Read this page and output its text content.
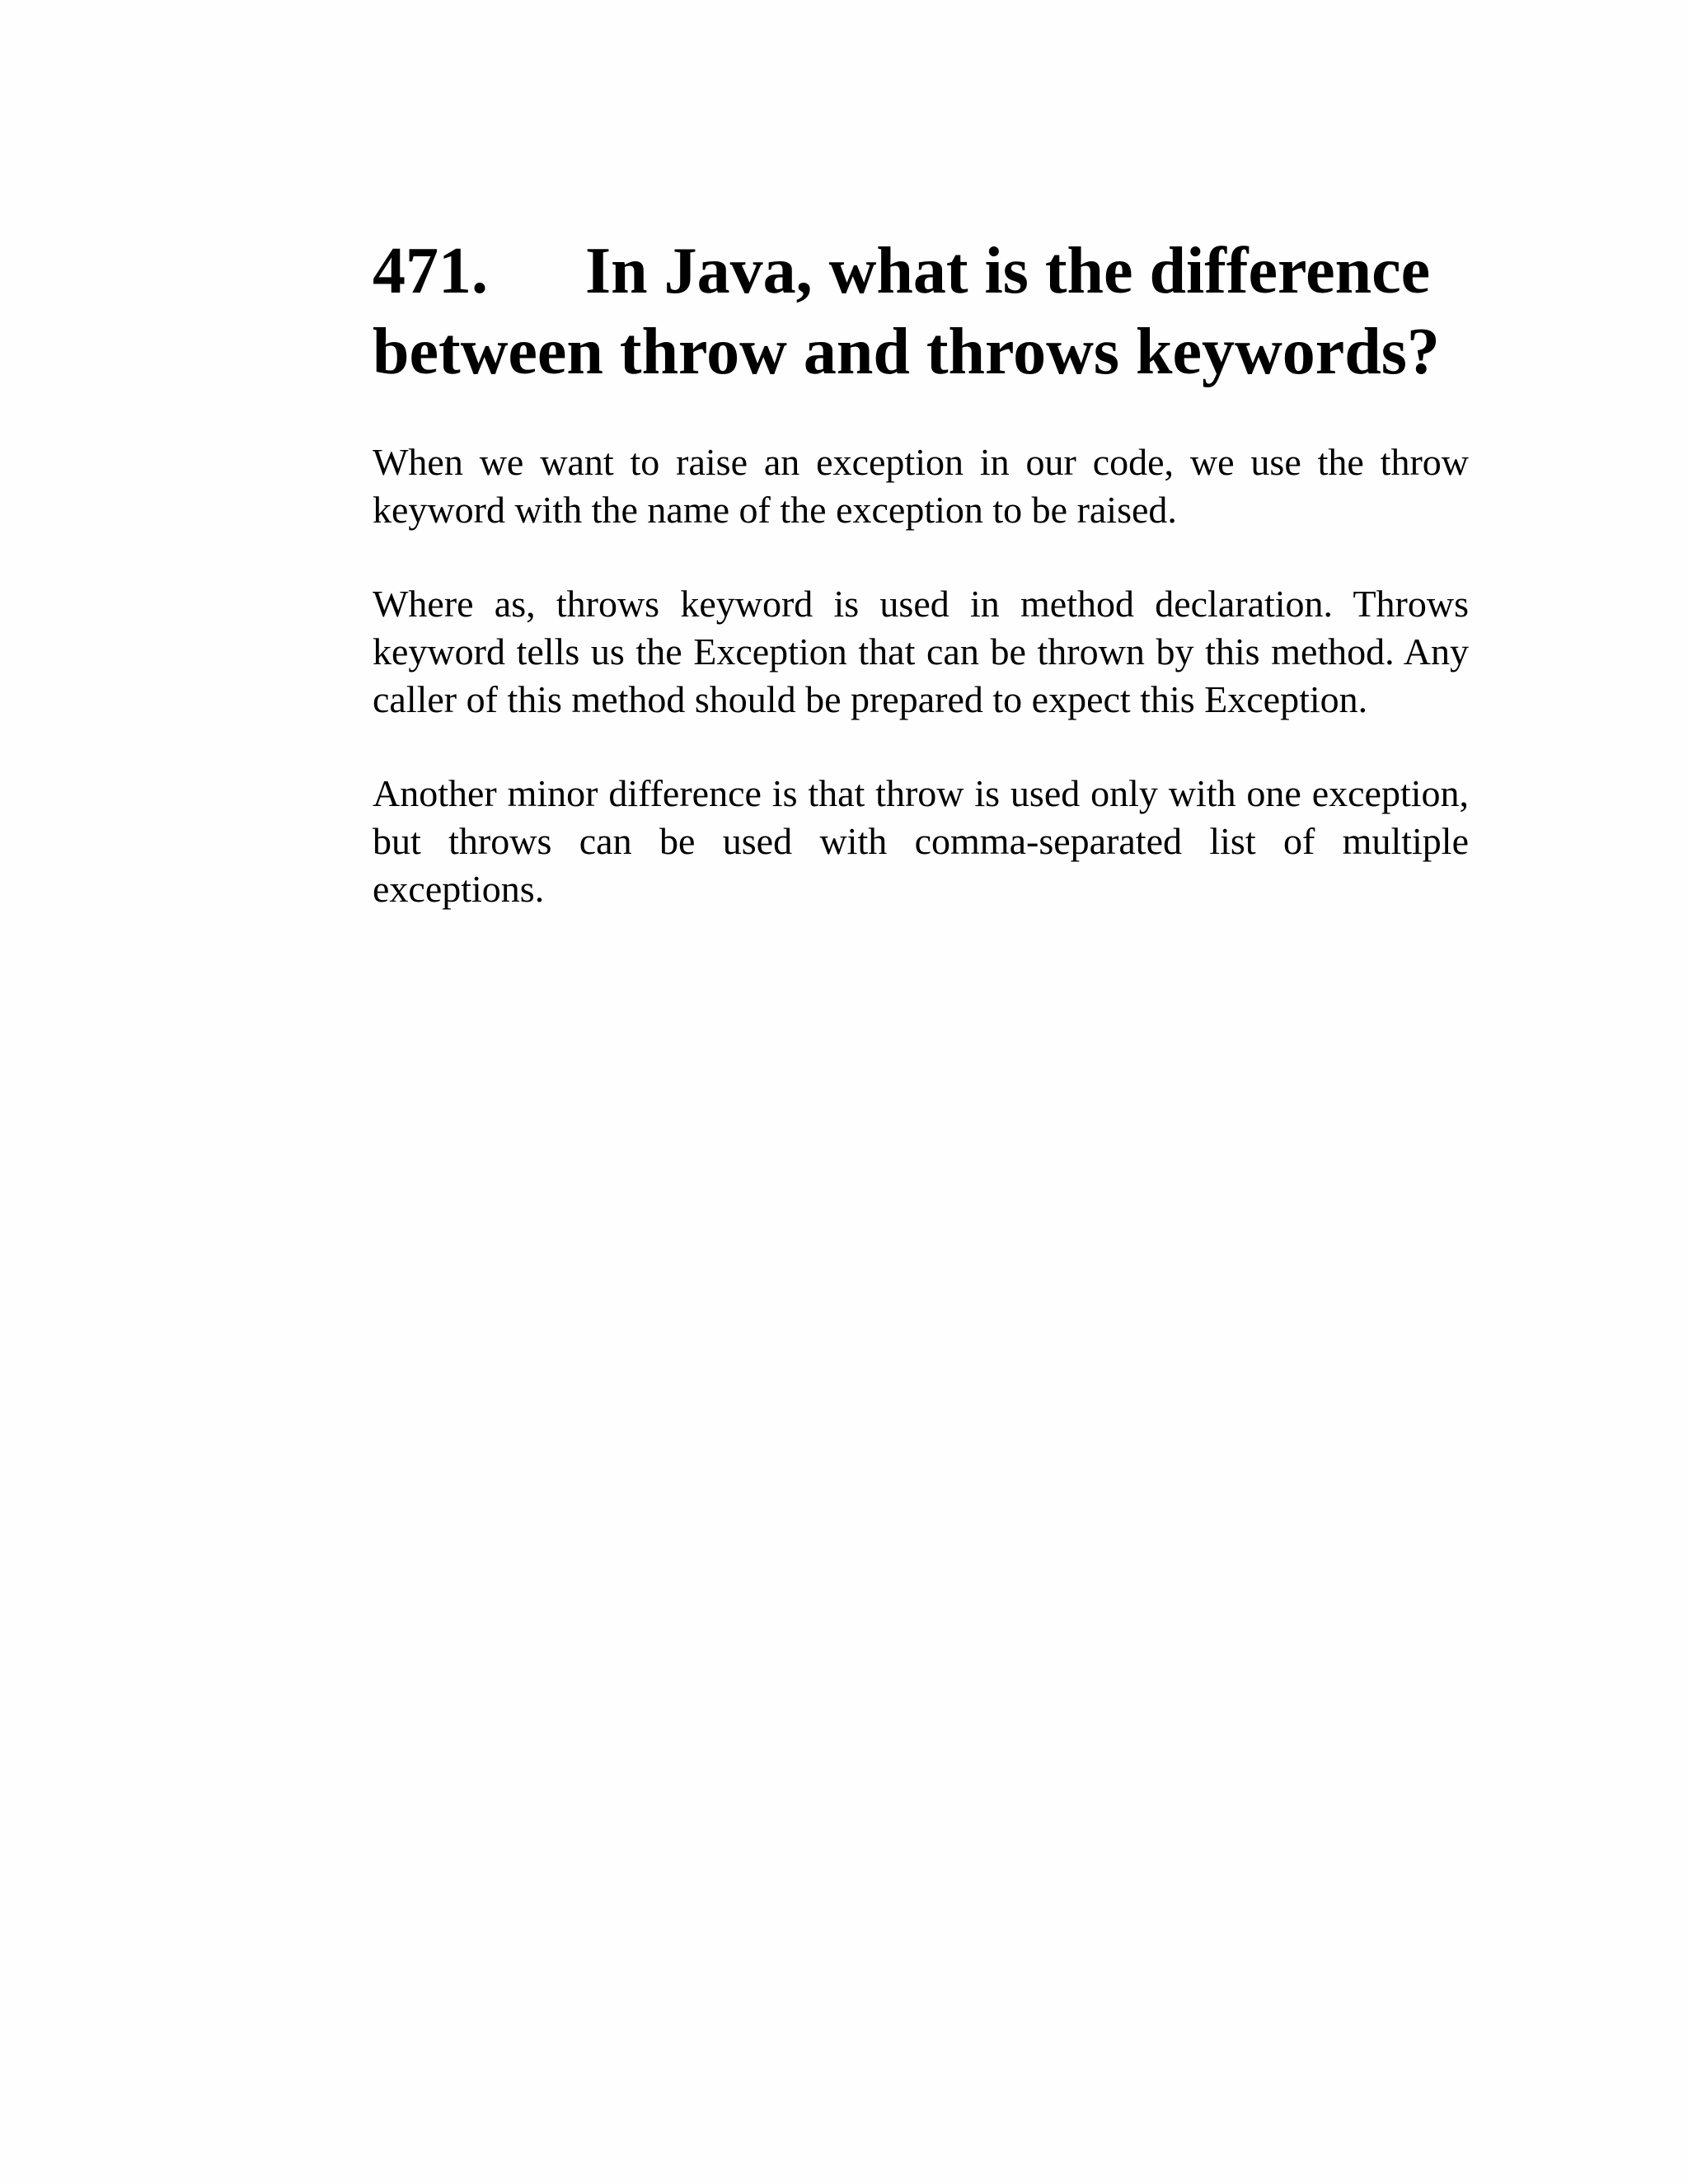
471. In Java, what is the difference between throw and throws keywords?

When we want to raise an exception in our code, we use the throw keyword with the name of the exception to be raised.

Where as, throws keyword is used in method declaration. Throws keyword tells us the Exception that can be thrown by this method. Any caller of this method should be prepared to expect this Exception.

Another minor difference is that throw is used only with one exception, but throws can be used with comma-separated list of multiple exceptions.
